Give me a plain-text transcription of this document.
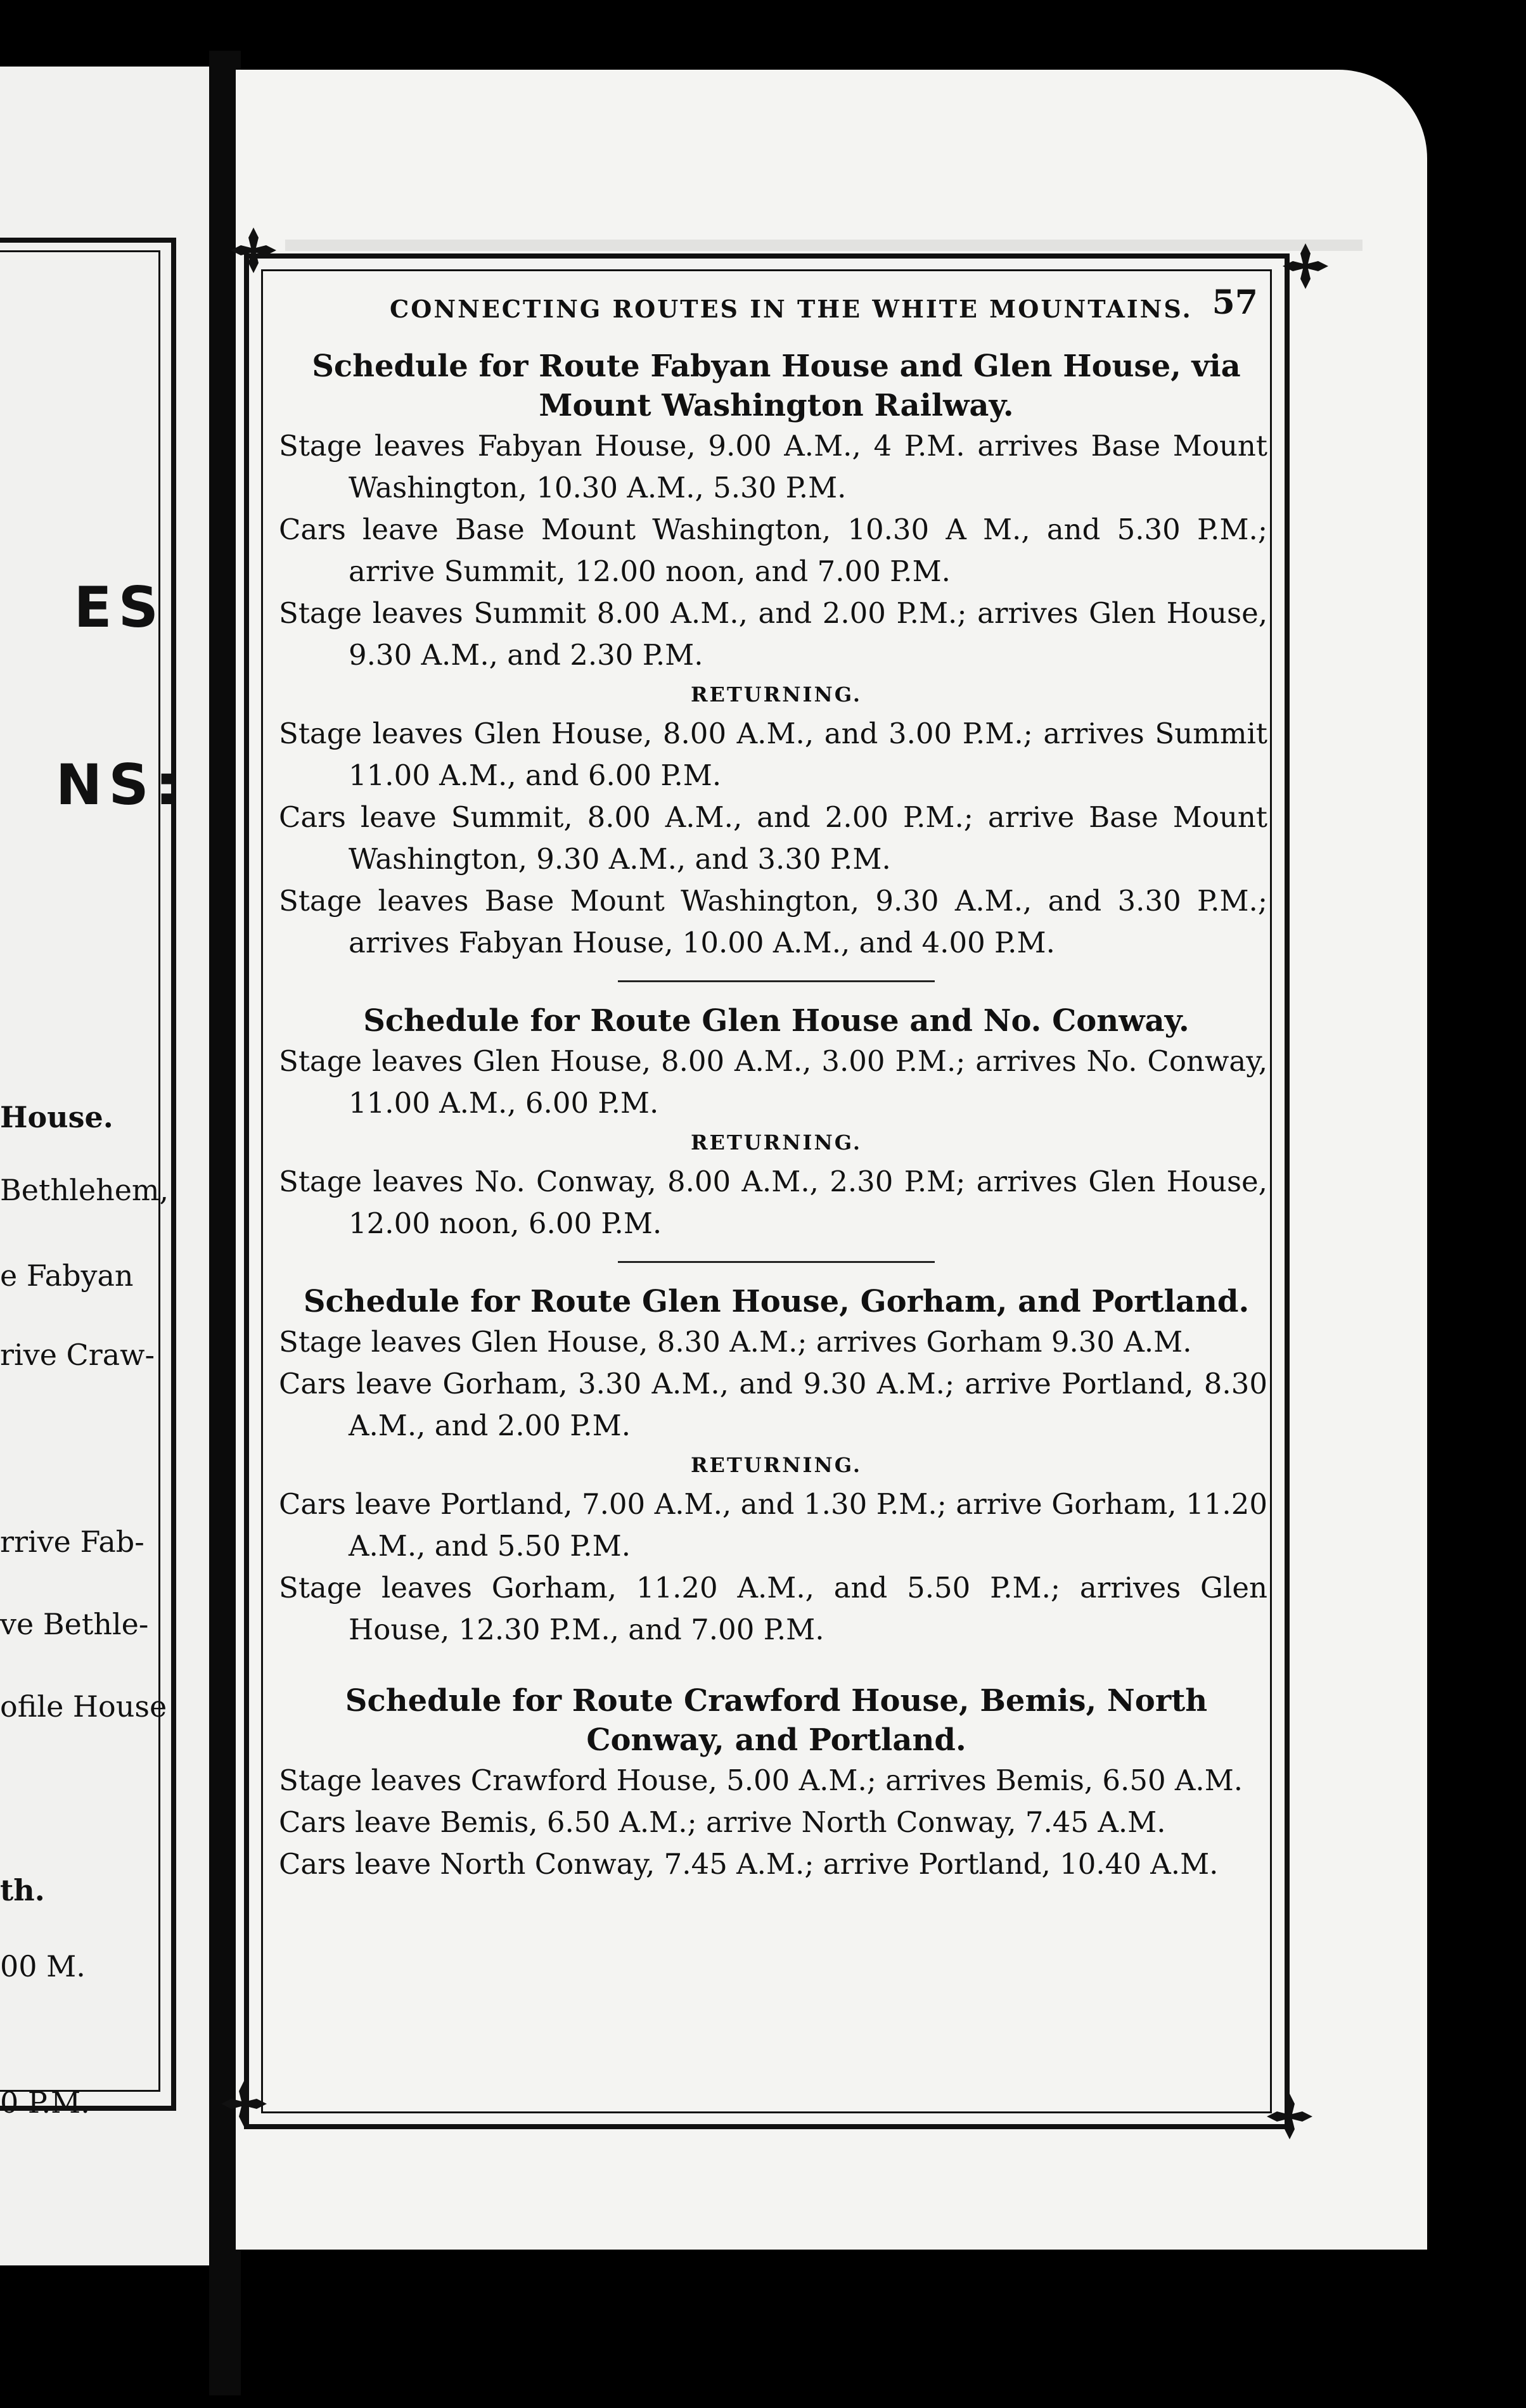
ES
NS:
House.
Bethlehem,
e Fabyan
rive Craw-
rrive Fab-
ve Bethle-
ofile House
th.
00 M.
0 P.M.
CONNECTING ROUTES IN THE WHITE MOUNTAINS. 57

Schedule for Route Fabyan House and Glen House, via Mount Washington Railway.

Stage leaves Fabyan House, 9.00 A.M., 4 P.M. arrives Base Mount Washington, 10.30 A.M., 5.30 P.M.

Cars leave Base Mount Washington, 10.30 A M., and 5.30 P.M.; arrive Summit, 12.00 noon, and 7.00 P.M.

Stage leaves Summit 8.00 A.M., and 2.00 P.M.; arrives Glen House, 9.30 A.M., and 2.30 P.M.

RETURNING.

Stage leaves Glen House, 8.00 A.M., and 3.00 P.M.; arrives Summit 11.00 A.M., and 6.00 P.M.

Cars leave Summit, 8.00 A.M., and 2.00 P.M.; arrive Base Mount Washington, 9.30 A.M., and 3.30 P.M.

Stage leaves Base Mount Washington, 9.30 A.M., and 3.30 P.M.; arrives Fabyan House, 10.00 A.M., and 4.00 P.M.

Schedule for Route Glen House and No. Conway.

Stage leaves Glen House, 8.00 A.M., 3.00 P.M.; arrives No. Conway, 11.00 A.M., 6.00 P.M.

RETURNING.

Stage leaves No. Conway, 8.00 A.M., 2.30 P.M; arrives Glen House, 12.00 noon, 6.00 P.M.

Schedule for Route Glen House, Gorham, and Portland.

Stage leaves Glen House, 8.30 A.M.; arrives Gorham 9.30 A.M.

Cars leave Gorham, 3.30 A.M., and 9.30 A.M.; arrive Portland, 8.30 A.M., and 2.00 P.M.

RETURNING.

Cars leave Portland, 7.00 A.M., and 1.30 P.M.; arrive Gorham, 11.20 A.M., and 5.50 P.M.

Stage leaves Gorham, 11.20 A.M., and 5.50 P.M.; arrives Glen House, 12.30 P.M., and 7.00 P.M.

Schedule for Route Crawford House, Bemis, North Conway, and Portland.

Stage leaves Crawford House, 5.00 A.M.; arrives Bemis, 6.50 A.M.

Cars leave Bemis, 6.50 A.M.; arrive North Conway, 7.45 A.M.

Cars leave North Conway, 7.45 A.M.; arrive Portland, 10.40 A.M.
